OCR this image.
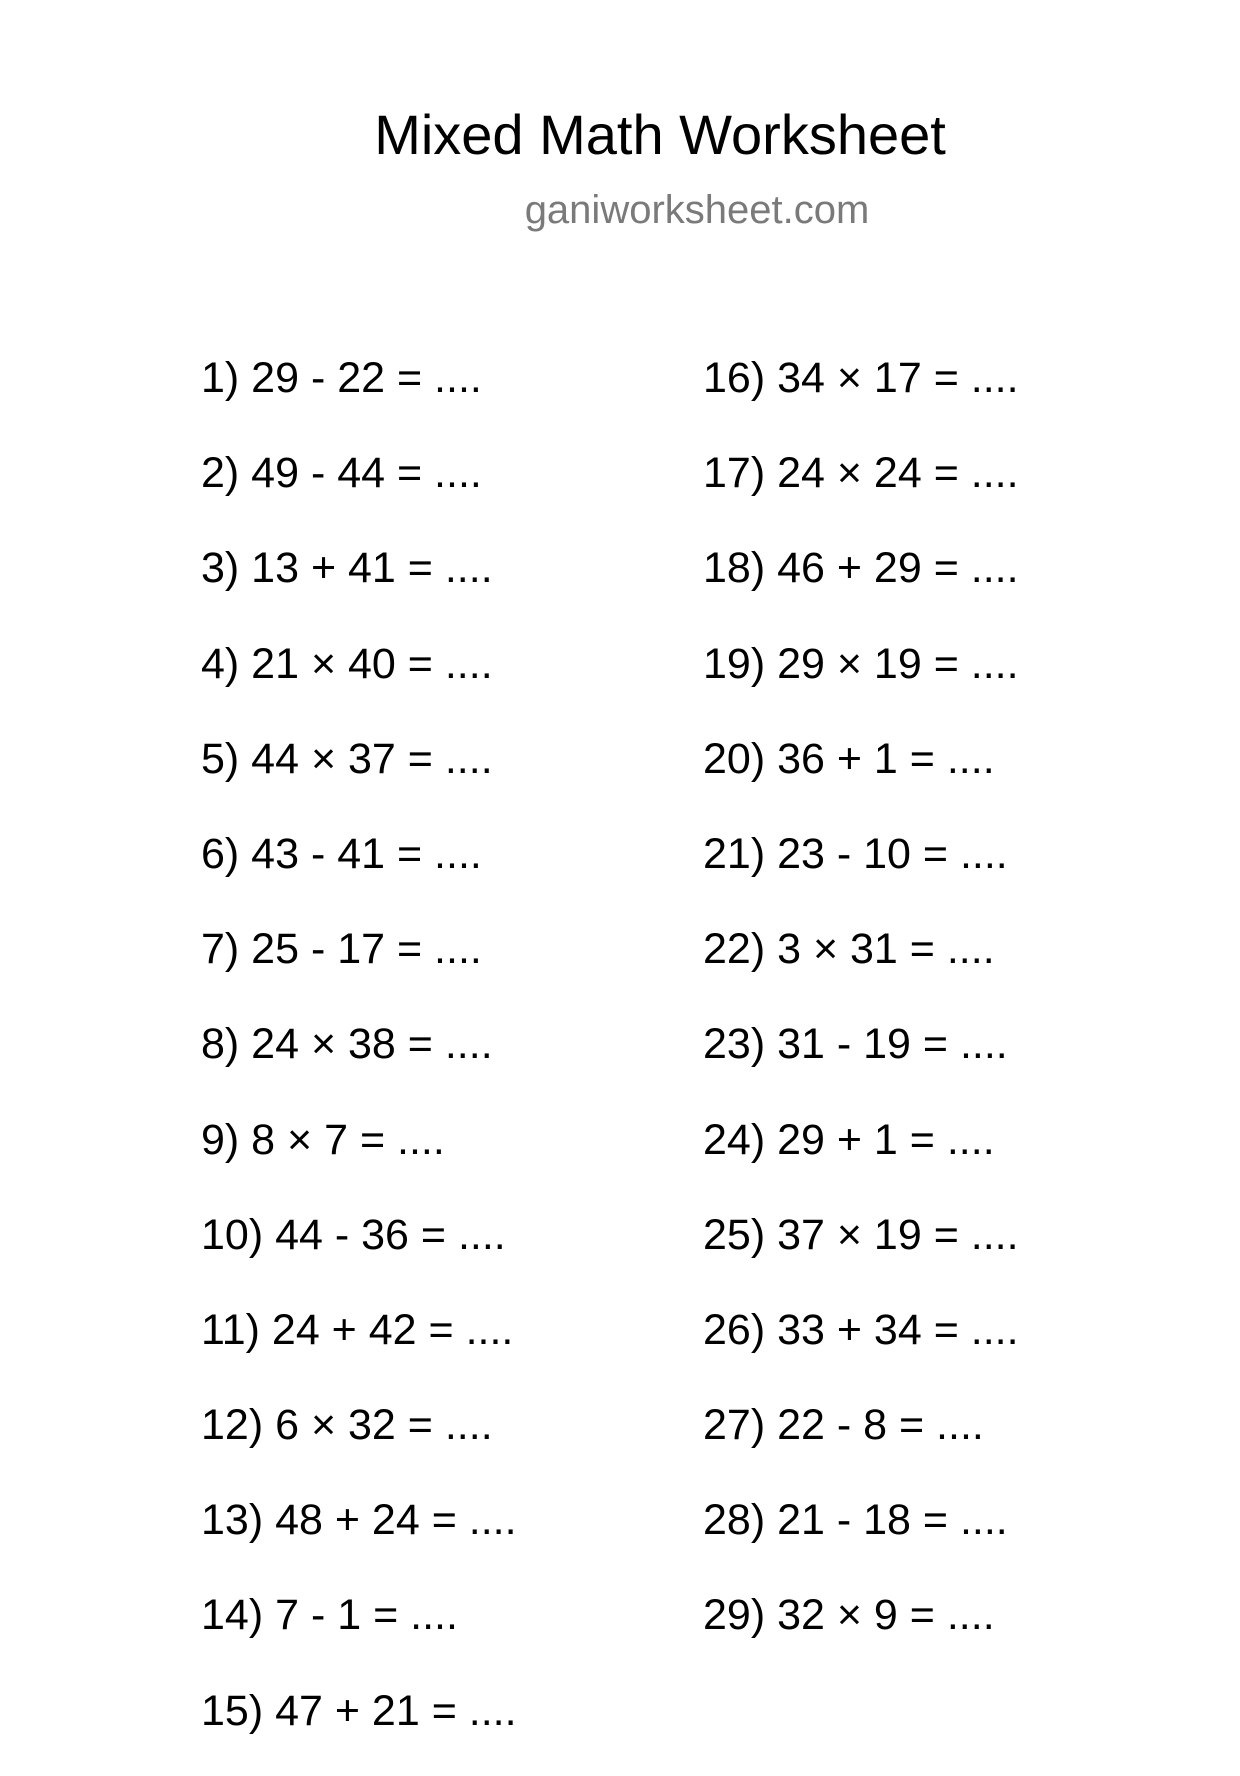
Mixed Math Worksheet
ganiworksheet.com
1) 29 - 22 = ....
2) 49 - 44 = ....
3) 13 + 41 = ....
4) 21 × 40 = ....
5) 44 × 37 = ....
6) 43 - 41 = ....
7) 25 - 17 = ....
8) 24 × 38 = ....
9) 8 × 7 = ....
10) 44 - 36 = ....
11) 24 + 42 = ....
12) 6 × 32 = ....
13) 48 + 24 = ....
14) 7 - 1 = ....
15) 47 + 21 = ....
16) 34 × 17 = ....
17) 24 × 24 = ....
18) 46 + 29 = ....
19) 29 × 19 = ....
20) 36 + 1 = ....
21) 23 - 10 = ....
22) 3 × 31 = ....
23) 31 - 19 = ....
24) 29 + 1 = ....
25) 37 × 19 = ....
26) 33 + 34 = ....
27) 22 - 8 = ....
28) 21 - 18 = ....
29) 32 × 9 = ....
